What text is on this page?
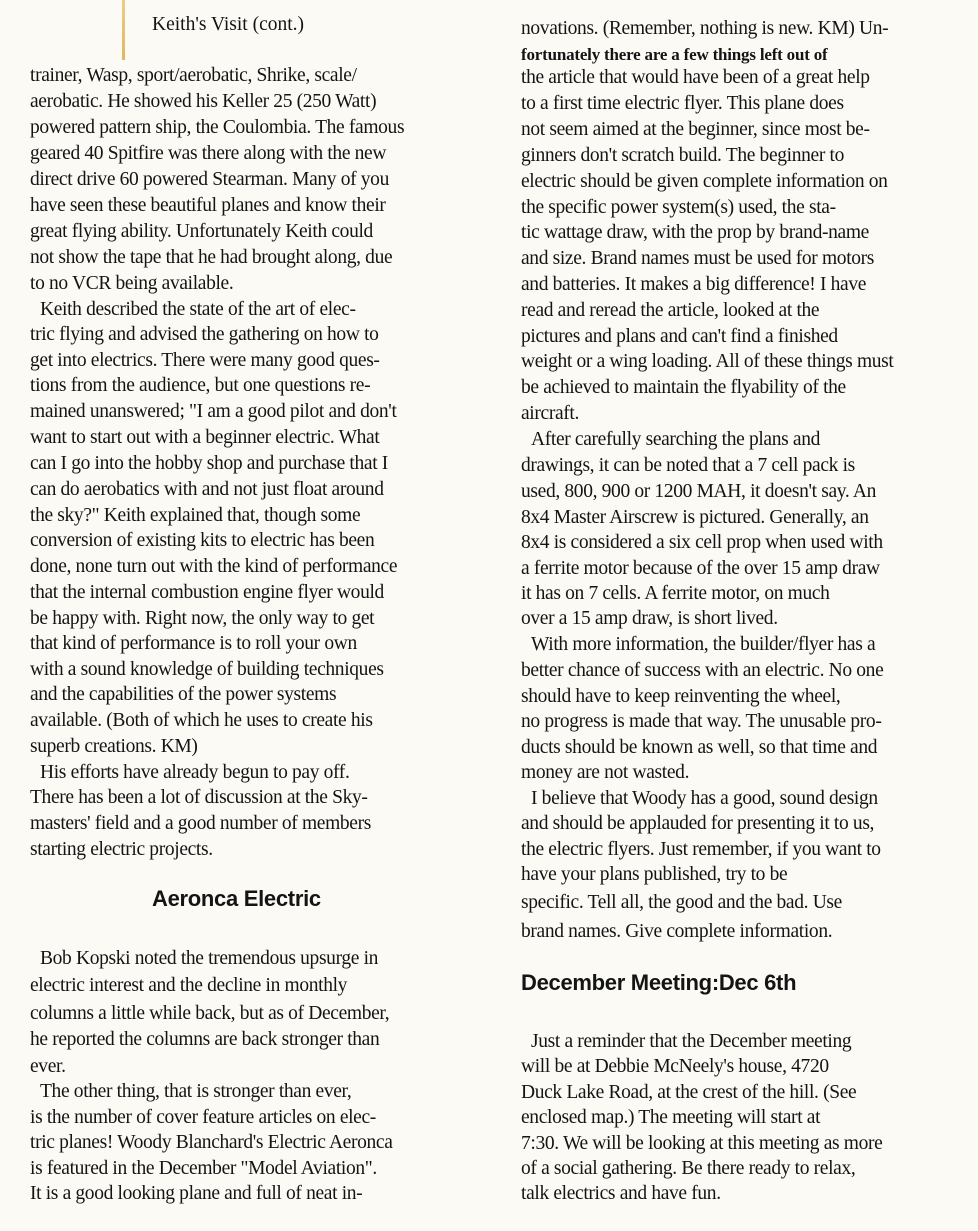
Keith's Visit (cont.)
trainer, Wasp, sport/aerobatic, Shrike, scale/
aerobatic. He showed his Keller 25 (250 Watt)
powered pattern ship, the Coulombia. The famous
geared 40 Spitfire was there along with the new
direct drive 60 powered Stearman. Many of you
have seen these beautiful planes and know their
great flying ability. Unfortunately Keith could
not show the tape that he had brought along, due
to no VCR being available.
Keith described the state of the art of elec-
tric flying and advised the gathering on how to
get into electrics. There were many good ques-
tions from the audience, but one questions re-
mained unanswered; "I am a good pilot and don't
want to start out with a beginner electric. What
can I go into the hobby shop and purchase that I
can do aerobatics with and not just float around
the sky?" Keith explained that, though some
conversion of existing kits to electric has been
done, none turn out with the kind of performance
that the internal combustion engine flyer would
be happy with. Right now, the only way to get
that kind of performance is to roll your own
with a sound knowledge of building techniques
and the capabilities of the power systems
available. (Both of which he uses to create his
superb creations. KM)
His efforts have already begun to pay off.
There has been a lot of discussion at the Sky-
masters' field and a good number of members
starting electric projects.
Aeronca Electric
Bob Kopski noted the tremendous upsurge in
electric interest and the decline in monthly
columns a little while back, but as of December,
he reported the columns are back stronger than
ever.
The other thing, that is stronger than ever,
is the number of cover feature articles on elec-
tric planes! Woody Blanchard's Electric Aeronca
is featured in the December "Model Aviation".
It is a good looking plane and full of neat in-
novations. (Remember, nothing is new. KM) Un-
fortunately there are a few things left out of
the article that would have been of a great help
to a first time electric flyer. This plane does
not seem aimed at the beginner, since most be-
ginners don't scratch build. The beginner to
electric should be given complete information on
the specific power system(s) used, the sta-
tic wattage draw, with the prop by brand-name
and size. Brand names must be used for motors
and batteries. It makes a big difference! I have
read and reread the article, looked at the
pictures and plans and can't find a finished
weight or a wing loading. All of these things must
be achieved to maintain the flyability of the
aircraft.
After carefully searching the plans and
drawings, it can be noted that a 7 cell pack is
used, 800, 900 or 1200 MAH, it doesn't say. An
8x4 Master Airscrew is pictured. Generally, an
8x4 is considered a six cell prop when used with
a ferrite motor because of the over 15 amp draw
it has on 7 cells. A ferrite motor, on much
over a 15 amp draw, is short lived.
With more information, the builder/flyer has a
better chance of success with an electric. No one
should have to keep reinventing the wheel,
no progress is made that way. The unusable pro-
ducts should be known as well, so that time and
money are not wasted.
I believe that Woody has a good, sound design
and should be applauded for presenting it to us,
the electric flyers. Just remember, if you want to
have your plans published, try to be
specific. Tell all, the good and the bad. Use
brand names. Give complete information.
December Meeting:Dec 6th
Just a reminder that the December meeting
will be at Debbie McNeely's house, 4720
Duck Lake Road, at the crest of the hill. (See
enclosed map.) The meeting will start at
7:30. We will be looking at this meeting as more
of a social gathering. Be there ready to relax,
talk electrics and have fun.
